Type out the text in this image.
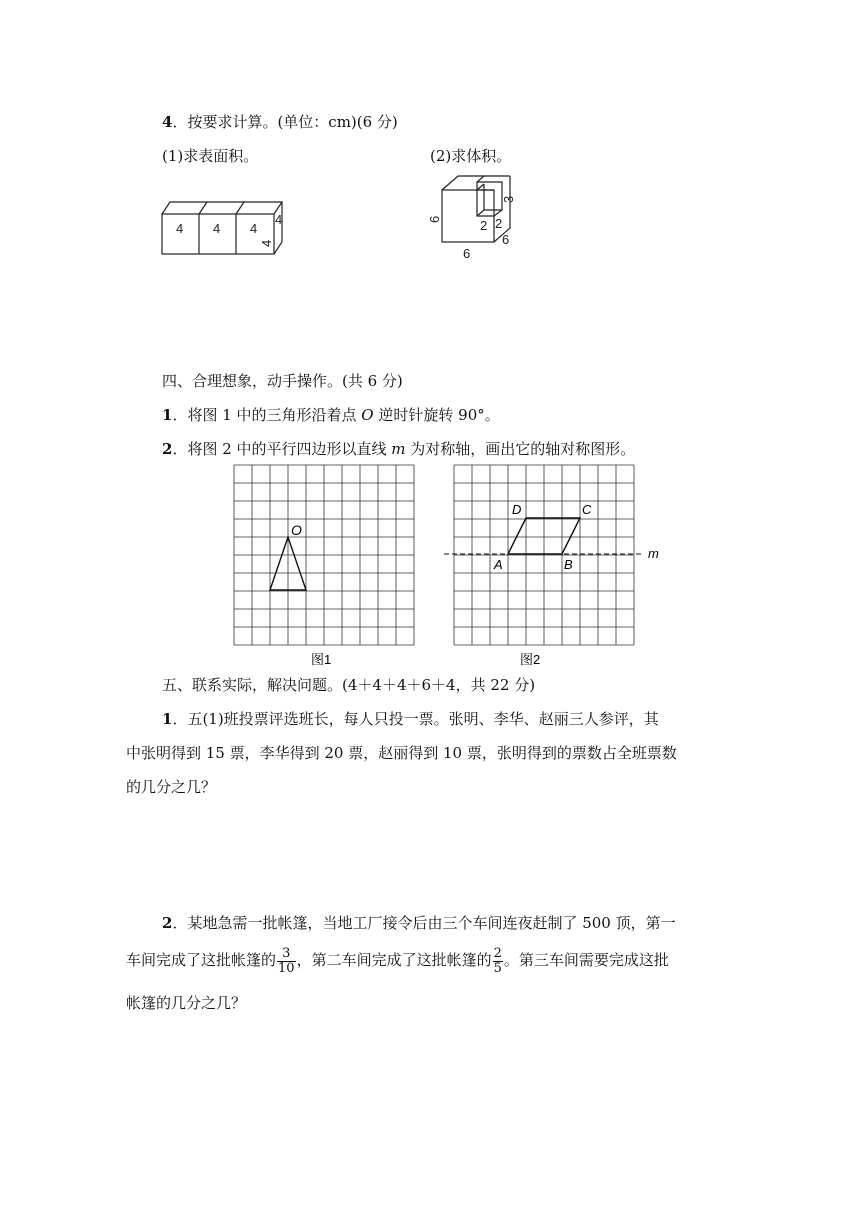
4．按要求计算。(单位：cm)(6 分)
(1)求表面积。	(2)求体积。
4 4 4
4
4
6
6
6
2 2
3
四、合理想象，动手操作。(共 6 分)
1．将图 1 中的三角形沿着点 O 逆时针旋转 90°。
2．将图 2 中的平行四边形以直线 m 为对称轴，画出它的轴对称图形。
O
图1
A	B
C
D
m
图2
五、联系实际，解决问题。(4＋4＋4＋6＋4，共 22 分)
1．五(1)班投票评选班长，每人只投一票。张明、李华、赵丽三人参评，其
中张明得到 15 票，李华得到 20 票，赵丽得到 10 票，张明得到的票数占全班票数
的几分之几？
2．某地急需一批帐篷，当地工厂接令后由三个车间连夜赶制了 500 顶，第一
车间完成了这批帐篷的 $\frac{3}{10}$ ，第二车间完成了这批帐篷的 $\frac{2}{5}$ 。第三车间需要完成这批
帐篷的几分之几？
